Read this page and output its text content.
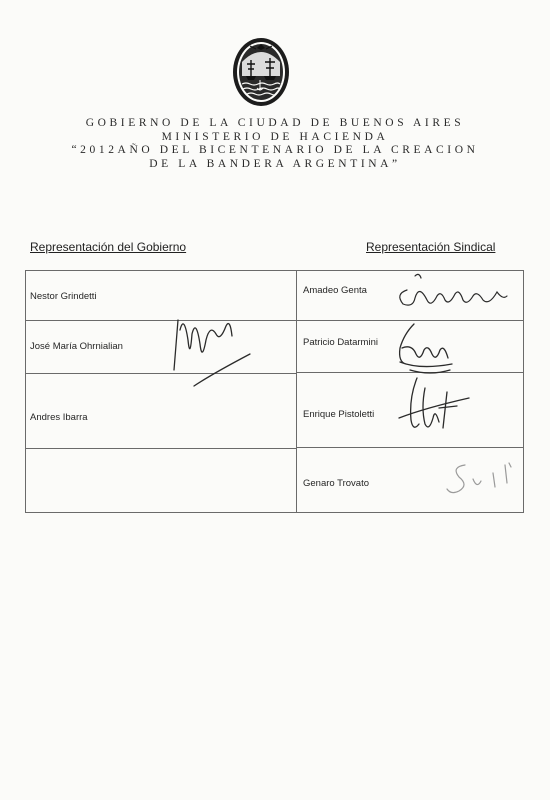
GOBIERNO DE LA CIUDAD DE BUENOS AIRES
MINISTERIO DE HACIENDA
“2012AÑO DEL BICENTENARIO DE LA CREACION
DE LA BANDERA ARGENTINA”
Representación del Gobierno	Representación Sindical
Nestor Grindetti
José María Ohrnialian
Andres Ibarra
Amadeo Genta
Patricio Datarmini
Enrique Pistoletti
Genaro Trovato
